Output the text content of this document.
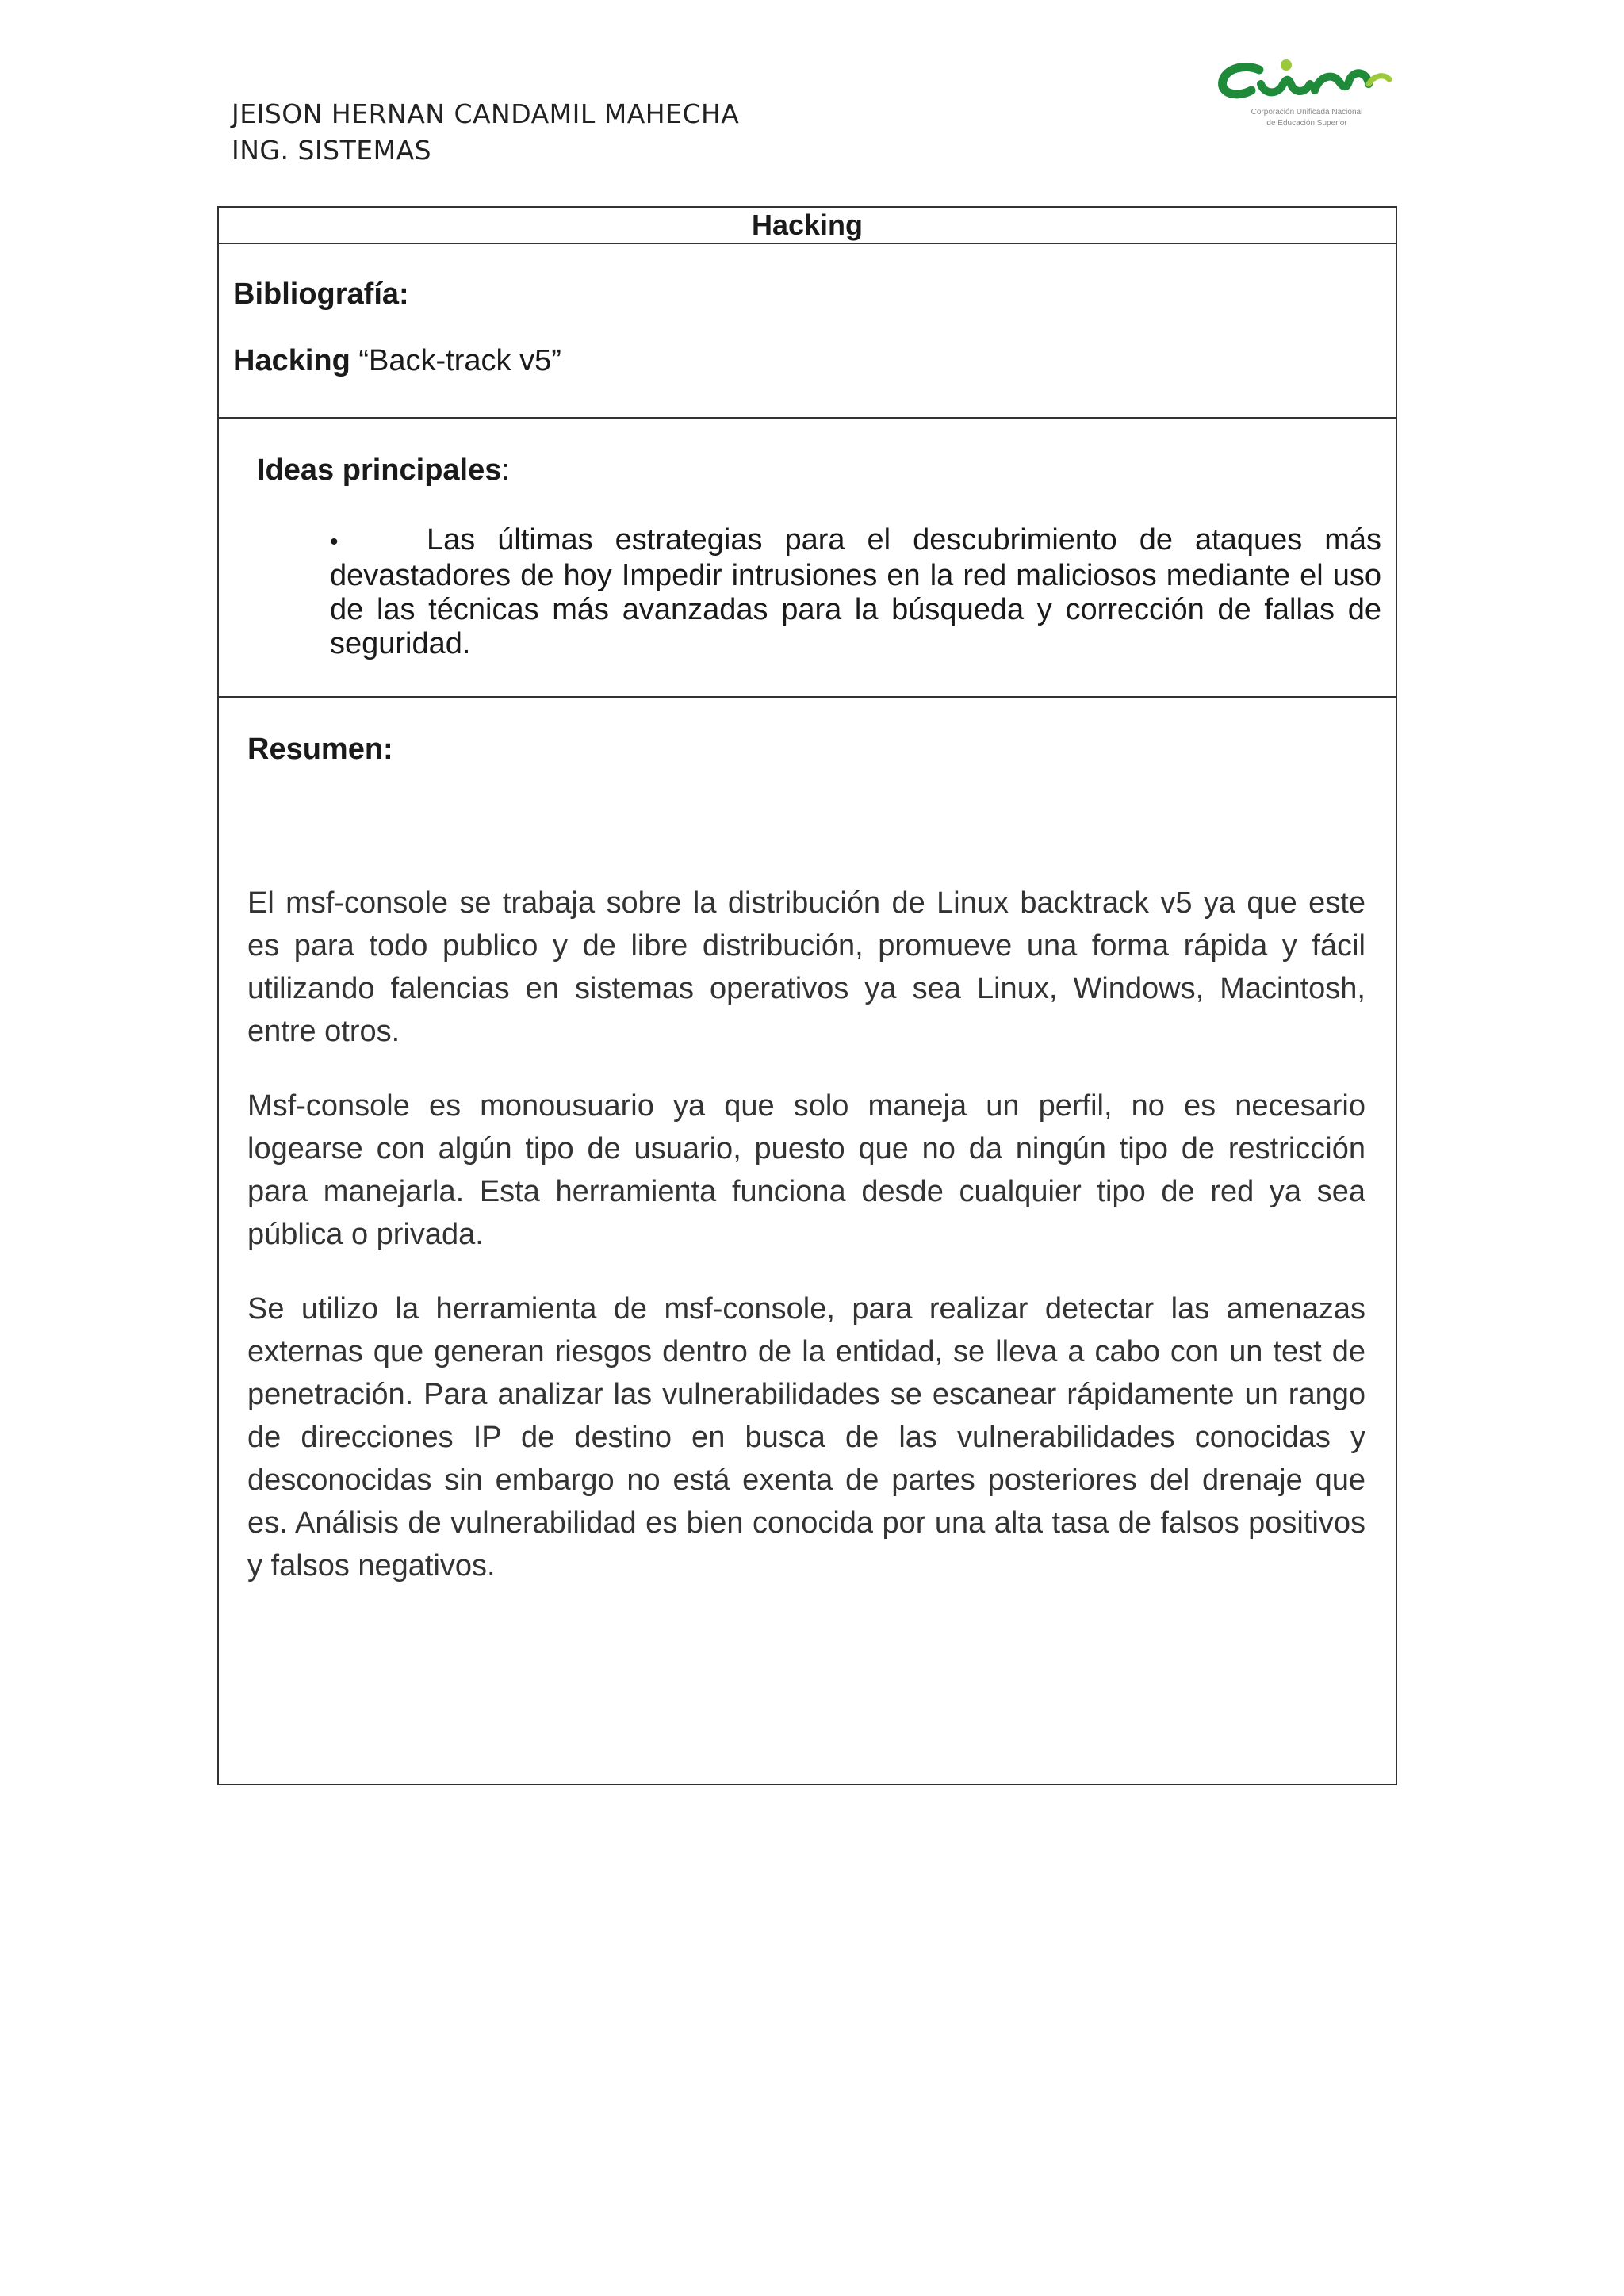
JEISON HERNAN CANDAMIL MAHECHA
ING. SISTEMAS
Corporación Unificada Nacional
de Educación Superior
Hacking
Bibliografía:
Hacking “Back-track v5”
Ideas principales:
•	Las últimas estrategias para el descubrimiento de ataques más devastadores de hoy Impedir intrusiones en la red maliciosos mediante el uso de las técnicas más avanzadas para la búsqueda y corrección de fallas de seguridad.
Resumen:

El msf-console se trabaja sobre la distribución de Linux backtrack v5 ya que este es para todo publico y de libre distribución, promueve una forma rápida y fácil utilizando falencias en sistemas operativos ya sea Linux, Windows, Macintosh, entre otros.

Msf-console es monousuario ya que solo maneja un perfil, no es necesario logearse con algún tipo de usuario, puesto que no da ningún tipo de restricción para manejarla. Esta herramienta funciona desde cualquier tipo de red ya sea pública o privada.

Se utilizo la herramienta de msf-console, para realizar detectar las amenazas externas que generan riesgos dentro de la entidad, se lleva a cabo con un test de penetración. Para analizar las vulnerabilidades se escanear rápidamente un rango de direcciones IP de destino en busca de las vulnerabilidades conocidas y desconocidas sin embargo no está exenta de partes posteriores del drenaje que es. Análisis de vulnerabilidad es bien conocida por una alta tasa de falsos positivos y falsos negativos.
